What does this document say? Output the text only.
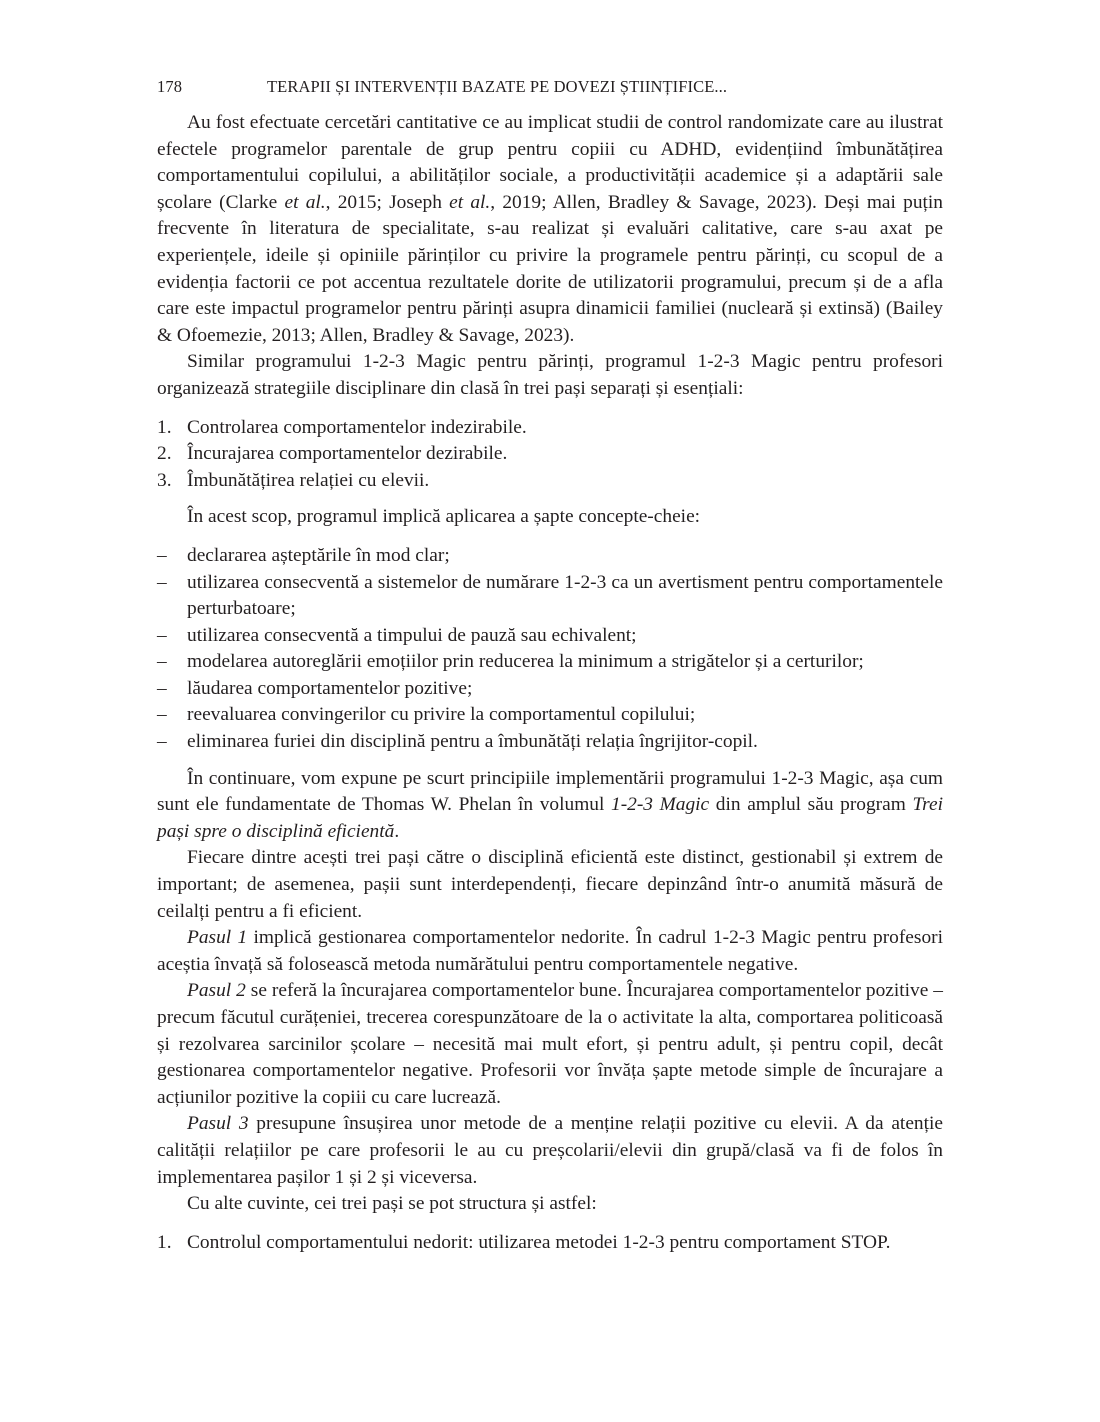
178	TERAPII ȘI INTERVENȚII BAZATE PE DOVEZI ȘTIINȚIFICE...

Au fost efectuate cercetări cantitative ce au implicat studii de control randomizate care au ilustrat efectele programelor parentale de grup pentru copiii cu ADHD, evidențiind îmbunătățirea comportamentului copilului, a abilităților sociale, a productivității academice și a adaptării sale școlare (Clarke et al., 2015; Joseph et al., 2019; Allen, Bradley & Savage, 2023). Deși mai puțin frecvente în literatura de specialitate, s-au realizat și evaluări calitative, care s-au axat pe experiențele, ideile și opiniile părinților cu privire la programele pentru părinți, cu scopul de a evidenția factorii ce pot accentua rezultatele dorite de utilizatorii programului, precum și de a afla care este impactul programelor pentru părinți asupra dinamicii familiei (nucleară și extinsă) (Bailey & Ofoemezie, 2013; Allen, Bradley & Savage, 2023).

Similar programului 1-2-3 Magic pentru părinți, programul 1-2-3 Magic pentru profesori organizează strategiile disciplinare din clasă în trei pași separați și esențiali:

1. Controlarea comportamentelor indezirabile.
2. Încurajarea comportamentelor dezirabile.
3. Îmbunătățirea relației cu elevii.

În acest scop, programul implică aplicarea a șapte concepte-cheie:

–	declararea așteptările în mod clar;
–	utilizarea consecventă a sistemelor de numărare 1-2-3 ca un avertisment pentru comportamentele perturbatoare;
–	utilizarea consecventă a timpului de pauză sau echivalent;
–	modelarea autoreglării emoțiilor prin reducerea la minimum a strigătelor și a certurilor;
–	lăudarea comportamentelor pozitive;
–	reevaluarea convingerilor cu privire la comportamentul copilului;
–	eliminarea furiei din disciplină pentru a îmbunătăți relația îngrijitor-copil.

În continuare, vom expune pe scurt principiile implementării programului 1-2-3 Magic, așa cum sunt ele fundamentate de Thomas W. Phelan în volumul 1-2-3 Magic din amplul său program Trei pași spre o disciplină eficientă.

Fiecare dintre acești trei pași către o disciplină eficientă este distinct, gestionabil și extrem de important; de asemenea, pașii sunt interdependenți, fiecare depinzând într-o anumită măsură de ceilalți pentru a fi eficient.

Pasul 1 implică gestionarea comportamentelor nedorite. În cadrul 1-2-3 Magic pentru profesori aceștia învață să folosească metoda numărătului pentru comportamentele negative.

Pasul 2 se referă la încurajarea comportamentelor bune. Încurajarea comportamentelor pozitive – precum făcutul curățeniei, trecerea corespunzătoare de la o activitate la alta, comportarea politicoasă și rezolvarea sarcinilor școlare – necesită mai mult efort, și pentru adult, și pentru copil, decât gestionarea comportamentelor negative. Profesorii vor învăța șapte metode simple de încurajare a acțiunilor pozitive la copiii cu care lucrează.

Pasul 3 presupune însușirea unor metode de a menține relații pozitive cu elevii. A da atenție calității relațiilor pe care profesorii le au cu preșcolarii/elevii din grupă/clasă va fi de folos în implementarea pașilor 1 și 2 și viceversa.

Cu alte cuvinte, cei trei pași se pot structura și astfel:

1. Controlul comportamentului nedorit: utilizarea metodei 1-2-3 pentru comportament STOP.
